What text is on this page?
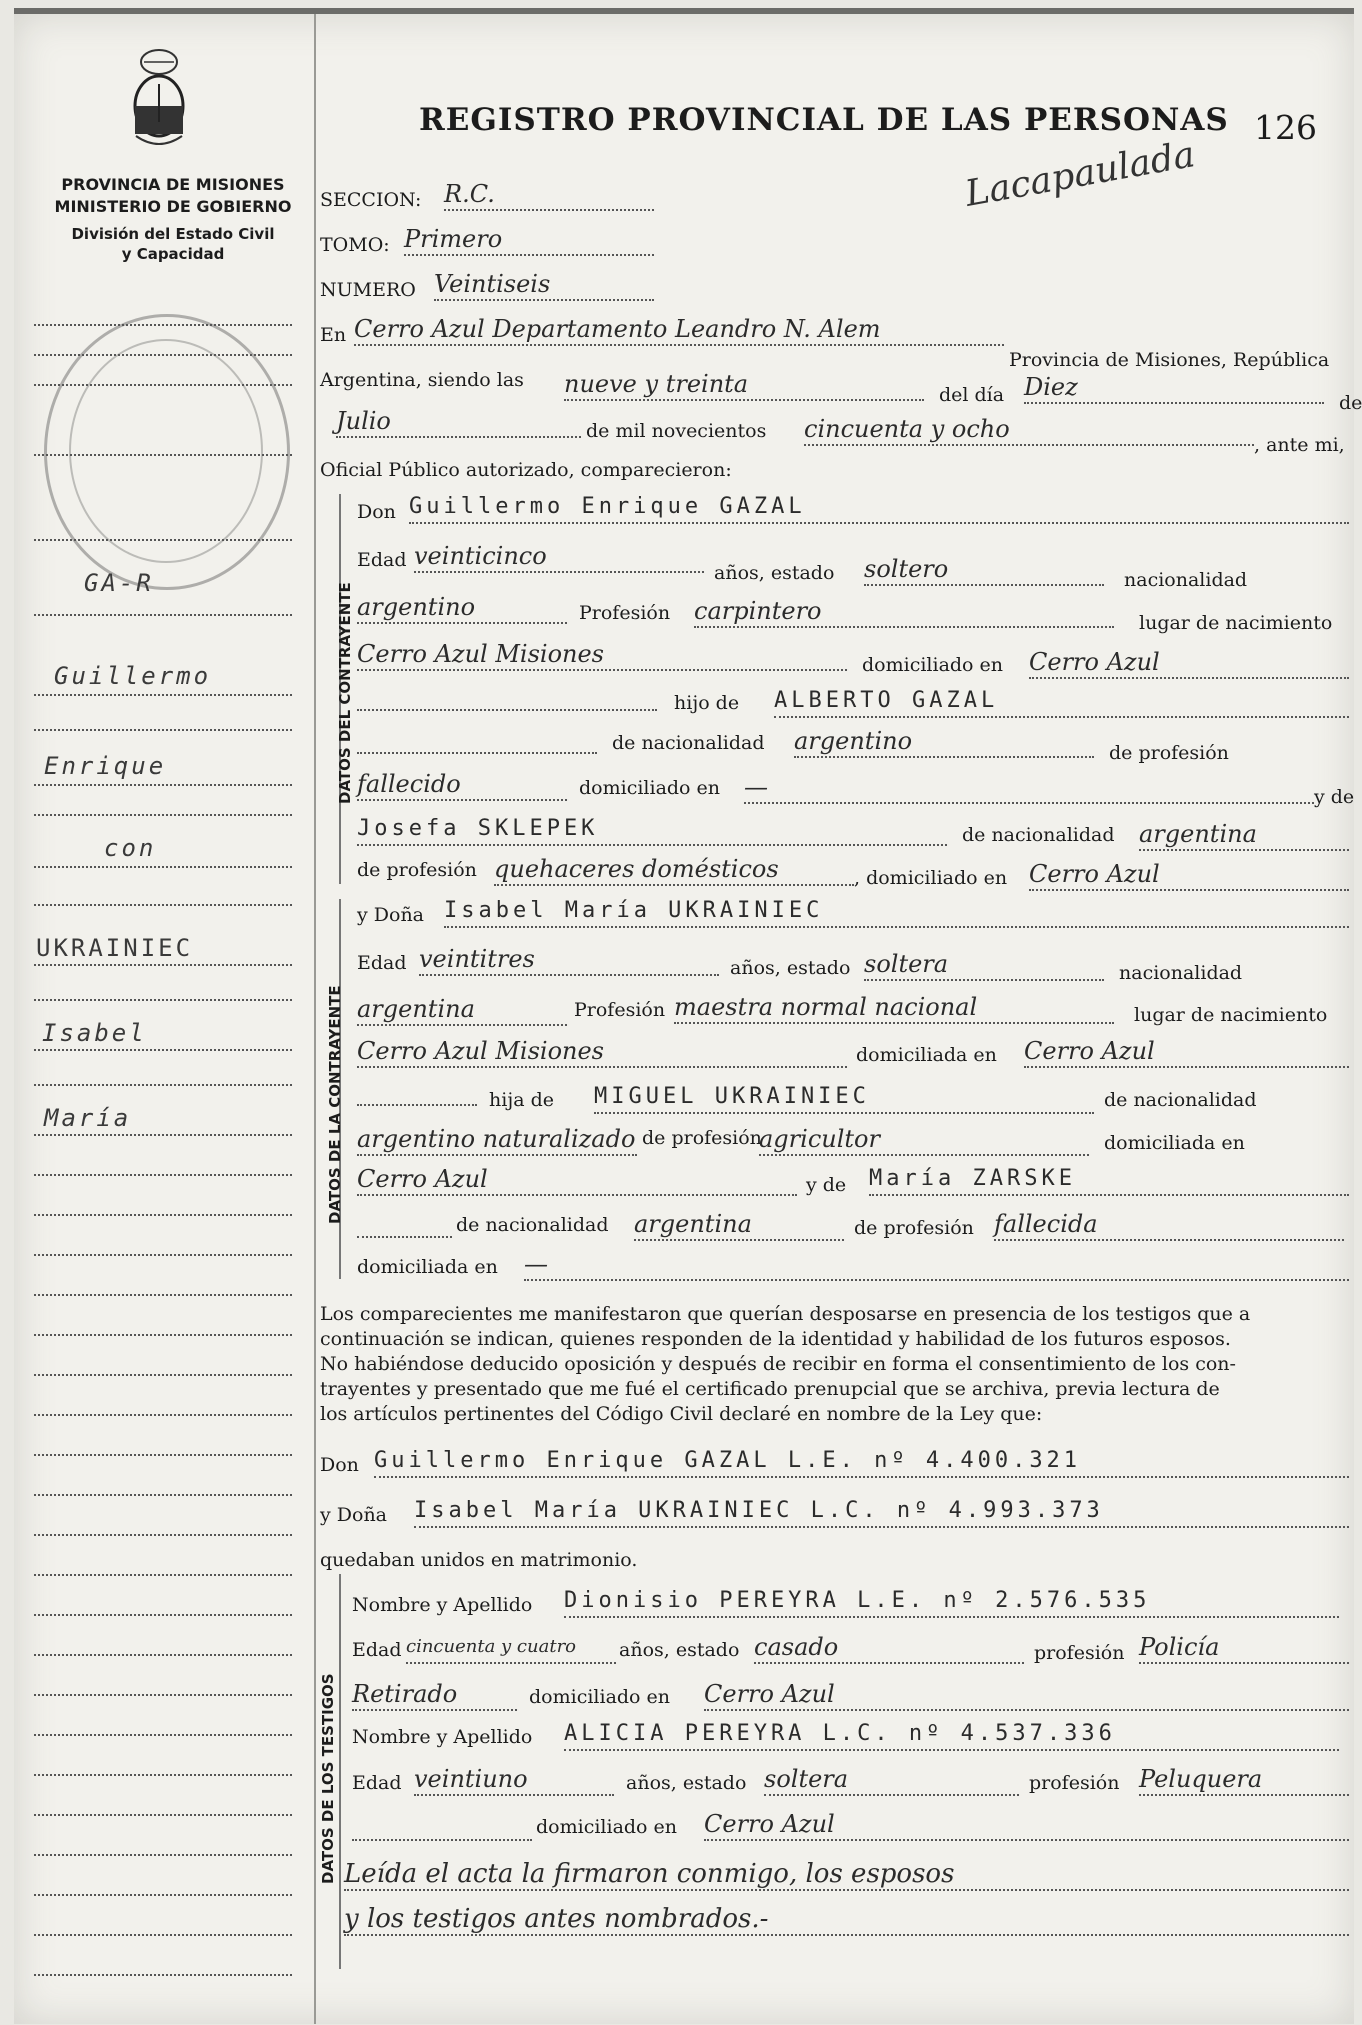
PROVINCIA DE MISIONES
MINISTERIO DE GOBIERNO
División del Estado Civil
y Capacidad
GA-R
Guillermo
Enrique
con
UKRAINIEC
Isabel
María
REGISTRO PROVINCIAL DE LAS PERSONAS 126
Lacapaulada
SECCION: R.C.
TOMO: Primero
NUMERO Veintiseis
En Cerro Azul Departamento Leandro N. Alem
Provincia de Misiones, República
Argentina, siendo las nueve y treinta	del día Diez
de
Julio	de mil novecientos cincuenta y ocho
, ante mi,
Oficial Público autorizado, comparecieron:
DATOS DEL CONTRAYENTE
Don Guillermo Enrique GAZAL
Edad veinticinco
años, estado soltero	nacionalidad
argentino	Profesión carpintero	lugar de nacimiento
Cerro Azul Misiones	domiciliado en Cerro Azul
hijo de ALBERTO GAZAL
de nacionalidad argentino	de profesión
fallecido	domiciliado en —	y de
Josefa SKLEPEK	de nacionalidad argentina
de profesión quehaceres domésticos	, domiciliado en Cerro Azul
DATOS DE LA CONTRAYENTE
y Doña Isabel María UKRAINIEC
Edad veintitres	años, estado soltera	nacionalidad
argentina	Profesión maestra normal nacional	lugar de nacimiento
Cerro Azul Misiones	domiciliada en Cerro Azul
hija de MIGUEL UKRAINIEC	de nacionalidad
argentino naturalizado de profesión
agricultor	domiciliada en
Cerro Azul	y de María ZARSKE
de nacionalidad argentina	de profesión fallecida
domiciliada en —
Los comparecientes me manifestaron que querían desposarse en presencia de los testigos que a
continuación se indican, quienes responden de la identidad y habilidad de los futuros esposos.
No habiéndose deducido oposición y después de recibir en forma el consentimiento de los con-
trayentes y presentado que me fué el certificado prenupcial que se archiva, previa lectura de
los artículos pertinentes del Código Civil declaré en nombre de la Ley que:
Don Guillermo Enrique GAZAL L.E. nº 4.400.321
y Doña Isabel María UKRAINIEC L.C. nº 4.993.373
quedaban unidos en matrimonio.
DATOS DE LOS TESTIGOS
Nombre y Apellido Dionisio PEREYRA L.E. nº 2.576.535
Edad cincuenta y cuatro	años, estado casado	profesión Policía
Retirado	domiciliado en Cerro Azul
Nombre y Apellido ALICIA PEREYRA L.C. nº 4.537.336
Edad veintiuno	años, estado soltera	profesión Peluquera
domiciliado en Cerro Azul
Leída el acta la firmaron conmigo, los esposos
y los testigos antes nombrados.-
